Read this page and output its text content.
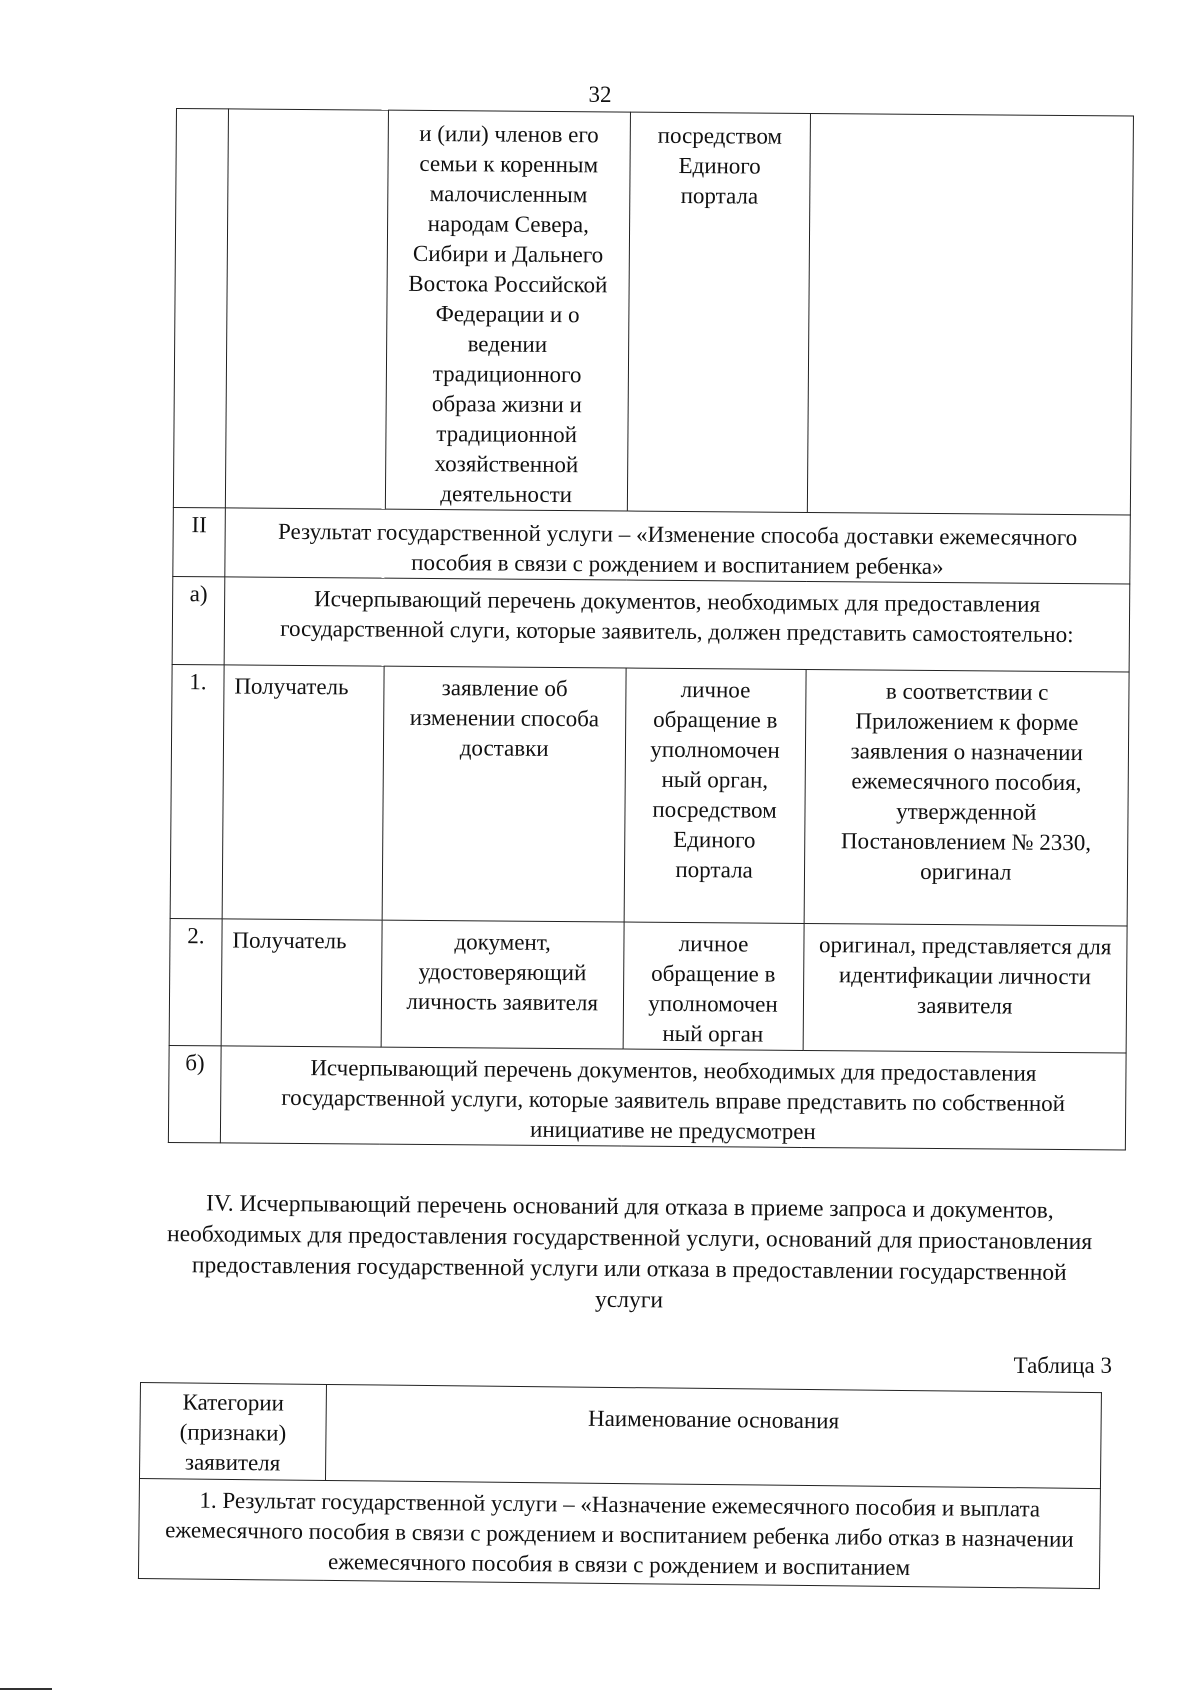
32
		и (или) членов его семьи к коренным малочисленным народам Севера, Сибири и Дальнего Востока Российской Федерации и о ведении традиционного образа жизни и традиционной хозяйственной деятельности	посредством Единого портала	
II	Результат государственной услуги – «Изменение способа доставки ежемесячного пособия в связи с рождением и воспитанием ребенка»			
а)	Исчерпывающий перечень документов, необходимых для предоставления государственной слуги, которые заявитель, должен представить самостоятельно:			
1.	Получатель	заявление об изменении способа доставки	личное обращение в уполномочен ный орган, посредством Единого портала	в соответствии с Приложением к форме заявления о назначении ежемесячного пособия, утвержденной Постановлением № 2330, оригинал
2.	Получатель	документ, удостоверяющий личность заявителя	личное обращение в уполномочен ный орган	оригинал, представляется для идентификации личности заявителя
б)	Исчерпывающий перечень документов, необходимых для предоставления государственной услуги, которые заявитель вправе представить по собственной инициативе не предусмотрен			
IV. Исчерпывающий перечень оснований для отказа в приеме запроса и документов, необходимых для предоставления государственной услуги, оснований для приостановления предоставления государственной услуги или отказа в предоставлении государственной услуги
Таблица 3
Категории (признаки) заявителя	Наименование основания
1. Результат государственной услуги – «Назначение ежемесячного пособия и выплата ежемесячного пособия в связи с рождением и воспитанием ребенка либо отказ в назначении ежемесячного пособия в связи с рождением и воспитанием
